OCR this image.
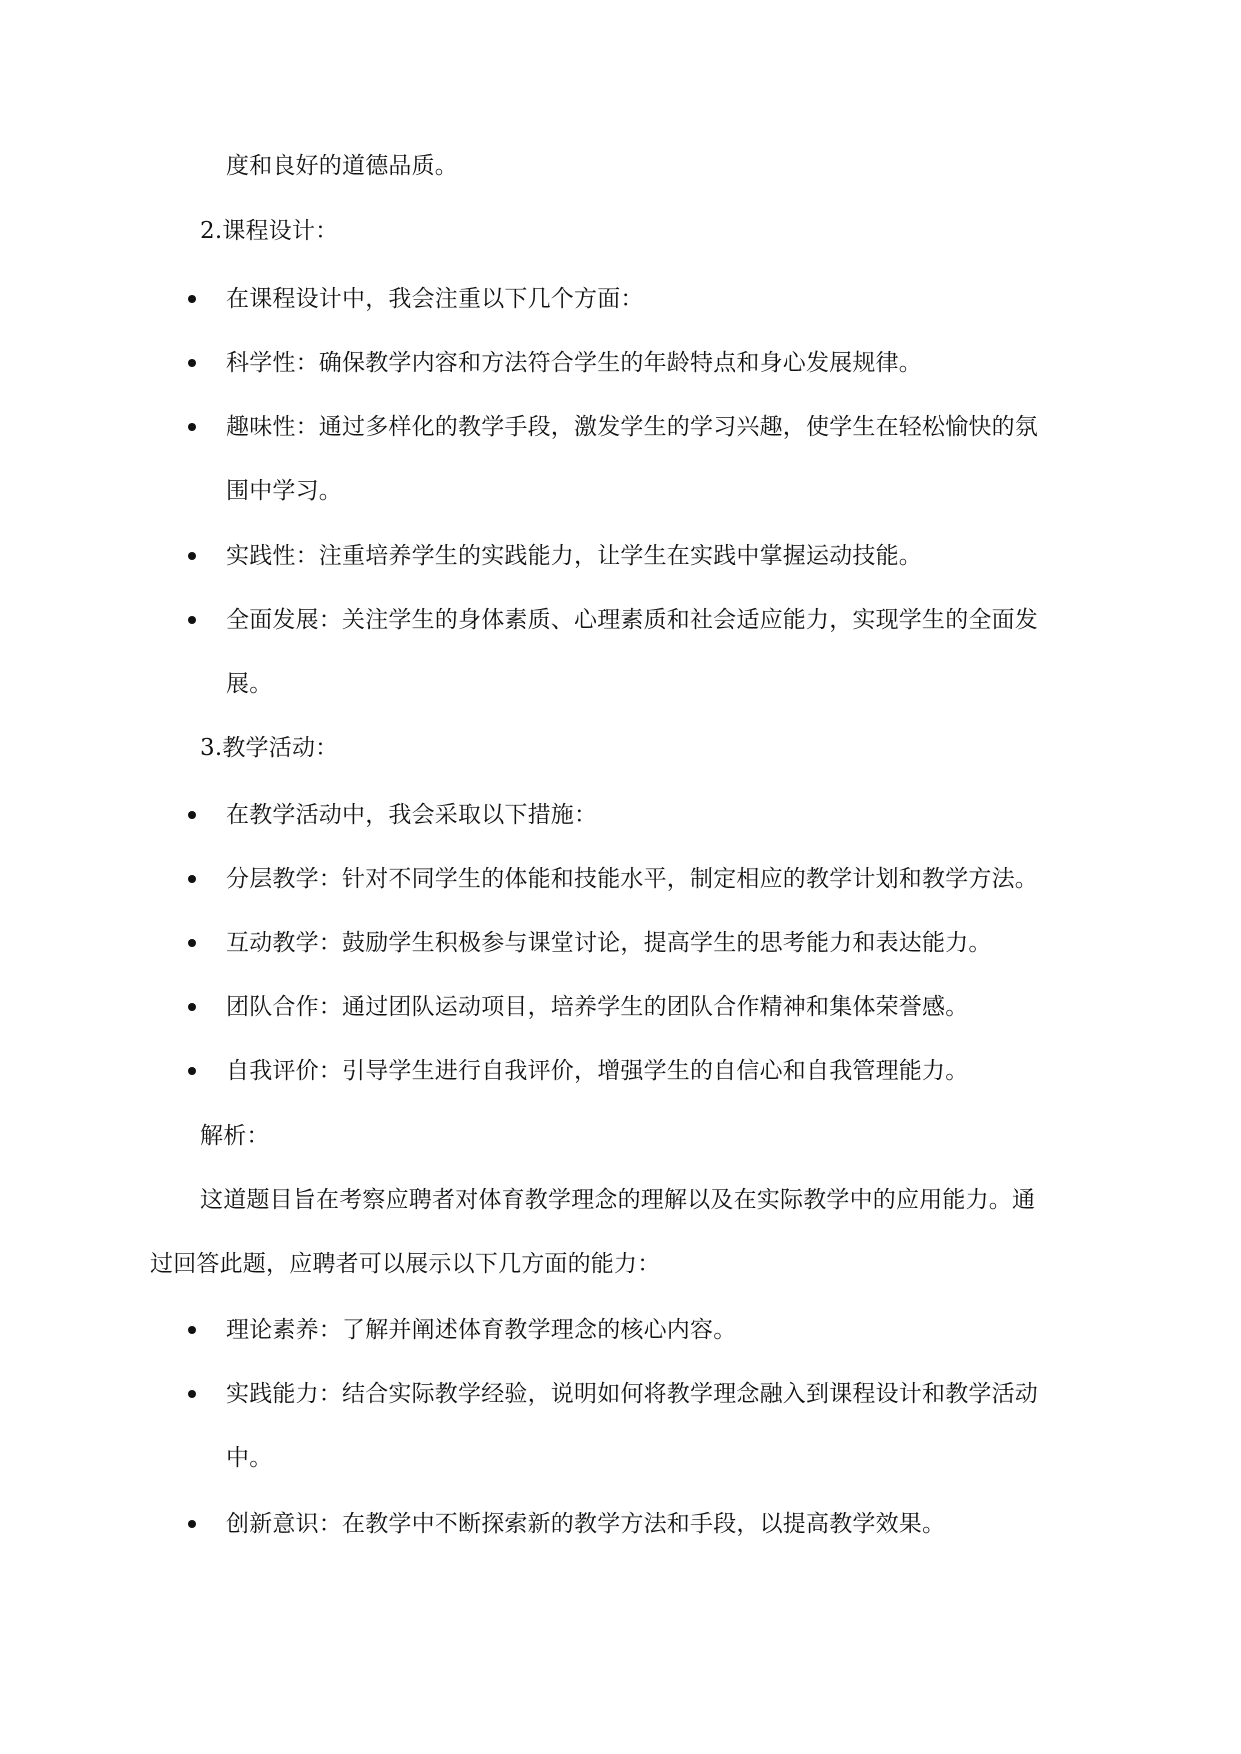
度和良好的道德品质。
2.课程设计：
在课程设计中，我会注重以下几个方面：
科学性：确保教学内容和方法符合学生的年龄特点和身心发展规律。
趣味性：通过多样化的教学手段，激发学生的学习兴趣，使学生在轻松愉快的氛
围中学习。
实践性：注重培养学生的实践能力，让学生在实践中掌握运动技能。
全面发展：关注学生的身体素质、心理素质和社会适应能力，实现学生的全面发
展。
3.教学活动：
在教学活动中，我会采取以下措施：
分层教学：针对不同学生的体能和技能水平，制定相应的教学计划和教学方法。
互动教学：鼓励学生积极参与课堂讨论，提高学生的思考能力和表达能力。
团队合作：通过团队运动项目，培养学生的团队合作精神和集体荣誉感。
自我评价：引导学生进行自我评价，增强学生的自信心和自我管理能力。
解析：
这道题目旨在考察应聘者对体育教学理念的理解以及在实际教学中的应用能力。通
过回答此题，应聘者可以展示以下几方面的能力：
理论素养：了解并阐述体育教学理念的核心内容。
实践能力：结合实际教学经验，说明如何将教学理念融入到课程设计和教学活动
中。
创新意识：在教学中不断探索新的教学方法和手段，以提高教学效果。
